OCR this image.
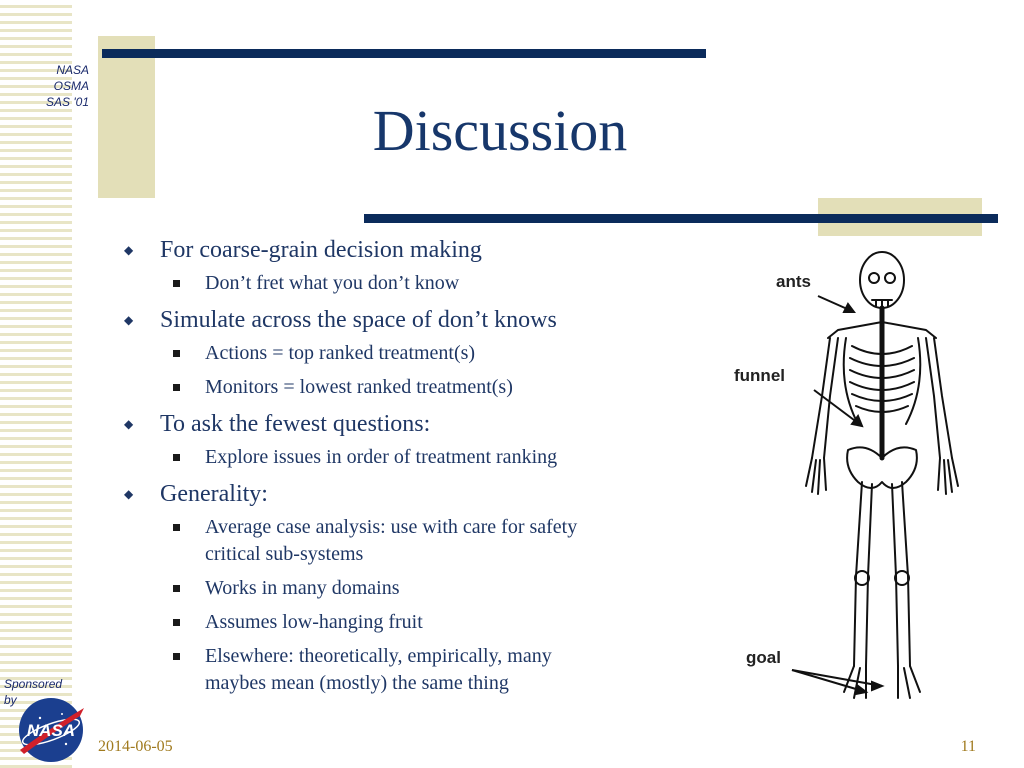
NASA
OSMA
SAS '01
Sponsored
by
NASA
Discussion
◆ For coarse-grain decision making
Don’t fret what you don’t know
◆ Simulate across the space of don’t knows
Actions = top ranked treatment(s)
Monitors = lowest ranked treatment(s)
◆ To ask the fewest questions:
Explore issues in order of treatment ranking
◆ Generality:
Average case analysis: use with care for safety critical sub-systems
Works in many domains
Assumes low-hanging fruit
Elsewhere: theoretically, empirically, many maybes mean (mostly) the same thing
ants
funnel
goal
2014-06-05	11
